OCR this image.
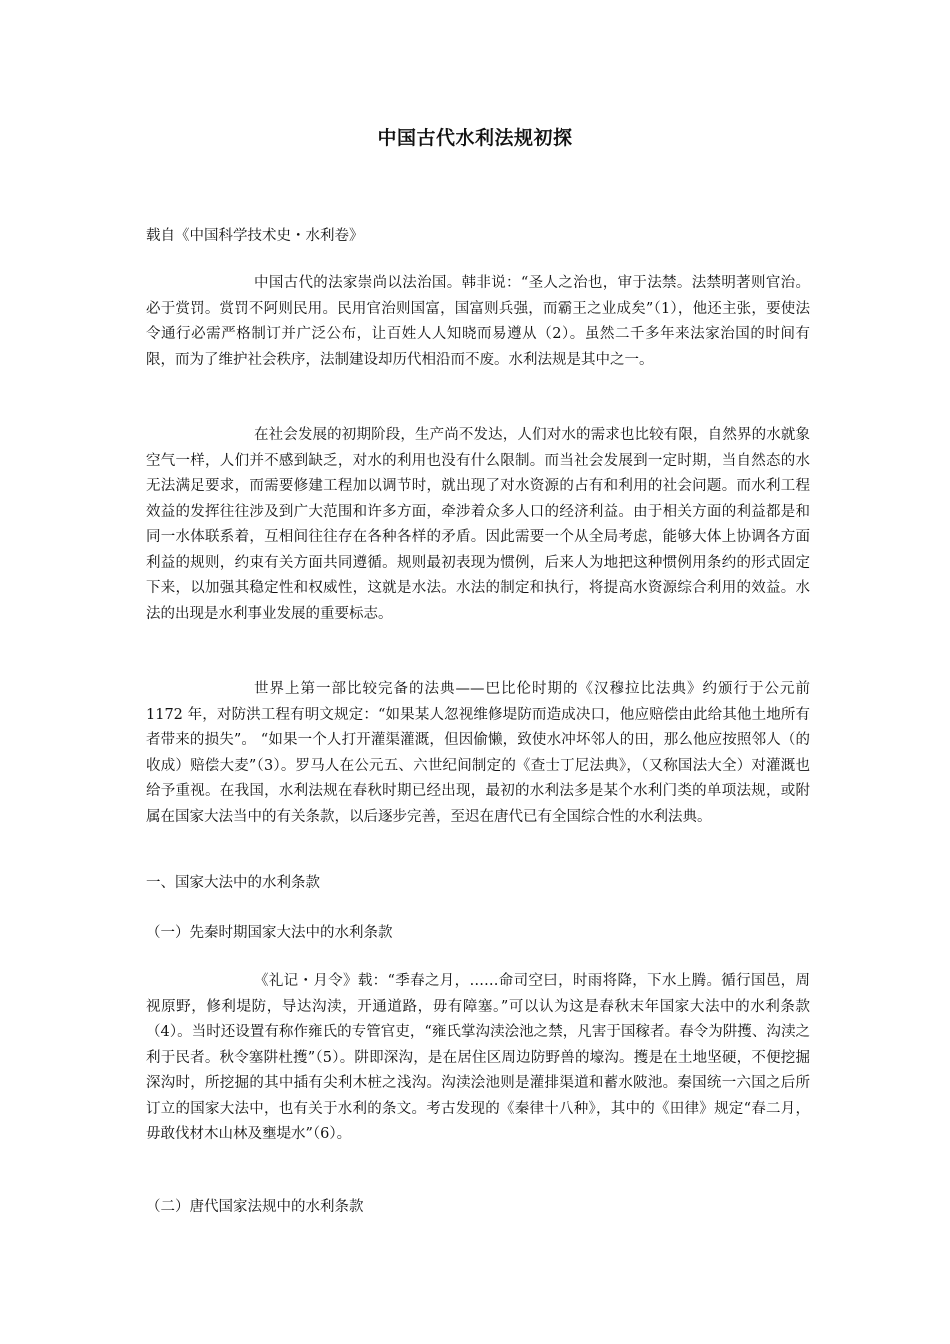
中国古代水利法规初探

载自《中国科学技术史・水利卷》

中国古代的法家崇尚以法治国。韩非说：“圣人之治也，审于法禁。法禁明著则官治。必于赏罚。赏罚不阿则民用。民用官治则国富，国富则兵强，而霸王之业成矣”（1），他还主张，要使法令通行必需严格制订并广泛公布，让百姓人人知晓而易遵从（2）。虽然二千多年来法家治国的时间有限，而为了维护社会秩序，法制建设却历代相沿而不废。水利法规是其中之一。

在社会发展的初期阶段，生产尚不发达，人们对水的需求也比较有限，自然界的水就象空气一样，人们并不感到缺乏，对水的利用也没有什么限制。而当社会发展到一定时期，当自然态的水无法满足要求，而需要修建工程加以调节时，就出现了对水资源的占有和利用的社会问题。而水利工程效益的发挥往往涉及到广大范围和许多方面，牵涉着众多人口的经济利益。由于相关方面的利益都是和同一水体联系着，互相间往往存在各种各样的矛盾。因此需要一个从全局考虑，能够大体上协调各方面利益的规则，约束有关方面共同遵循。规则最初表现为惯例，后来人为地把这种惯例用条约的形式固定下来，以加强其稳定性和权威性，这就是水法。水法的制定和执行，将提高水资源综合利用的效益。水法的出现是水利事业发展的重要标志。

世界上第一部比较完备的法典——巴比伦时期的《汉穆拉比法典》约颁行于公元前 1172 年，对防洪工程有明文规定：“如果某人忽视维修堤防而造成决口，他应赔偿由此给其他土地所有者带来的损失”。 “如果一个人打开灌渠灌溉，但因偷懒，致使水冲坏邻人的田，那么他应按照邻人（的收成）赔偿大麦”（3）。罗马人在公元五、六世纪间制定的《查士丁尼法典》，（又称国法大全）对灌溉也给予重视。在我国，水利法规在春秋时期已经出现，最初的水利法多是某个水利门类的单项法规，或附属在国家大法当中的有关条款，以后逐步完善，至迟在唐代已有全国综合性的水利法典。

一、国家大法中的水利条款

（一）先秦时期国家大法中的水利条款

《礼记・月令》载：“季春之月，……命司空曰，时雨将降，下水上腾。循行国邑，周视原野，修利堤防，导达沟渎，开通道路，毋有障塞。”可以认为这是春秋末年国家大法中的水利条款（4）。当时还设置有称作雍氏的专管官吏，“雍氏掌沟渎浍池之禁，凡害于国稼者。春令为阱擭、沟渎之利于民者。秋令塞阱杜擭”（5）。阱即深沟，是在居住区周边防野兽的壕沟。擭是在土地坚硬，不便挖掘深沟时，所挖掘的其中插有尖利木桩之浅沟。沟渎浍池则是灌排渠道和蓄水陂池。秦国统一六国之后所订立的国家大法中，也有关于水利的条文。考古发现的《秦律十八种》，其中的《田律》规定“春二月，毋敢伐材木山林及壅堤水”（6）。

（二）唐代国家法规中的水利条款
